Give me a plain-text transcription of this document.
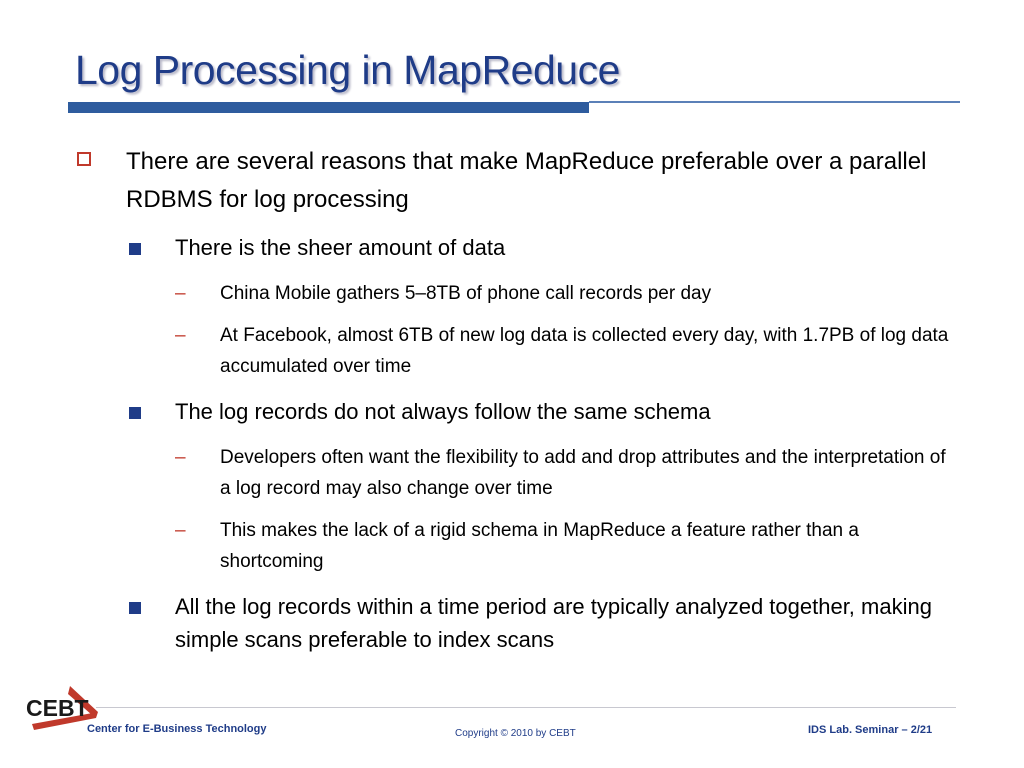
Log Processing in MapReduce
There are several reasons that make MapReduce preferable over a parallel RDBMS for log processing
There is the sheer amount of data
– China Mobile gathers 5–8TB of phone call records per day
– At Facebook, almost 6TB of new log data is collected every day, with 1.7PB of log data accumulated over time
The log records do not always follow the same schema
– Developers often want the flexibility to add and drop attributes and the interpretation of a log record may also change over time
– This makes the lack of a rigid schema in MapReduce a feature rather than a shortcoming
All the log records within a time period are typically analyzed together, making simple scans preferable to index scans
CEBT
Center for E-Business Technology	Copyright © 2010 by CEBT	IDS Lab. Seminar – 2/21
